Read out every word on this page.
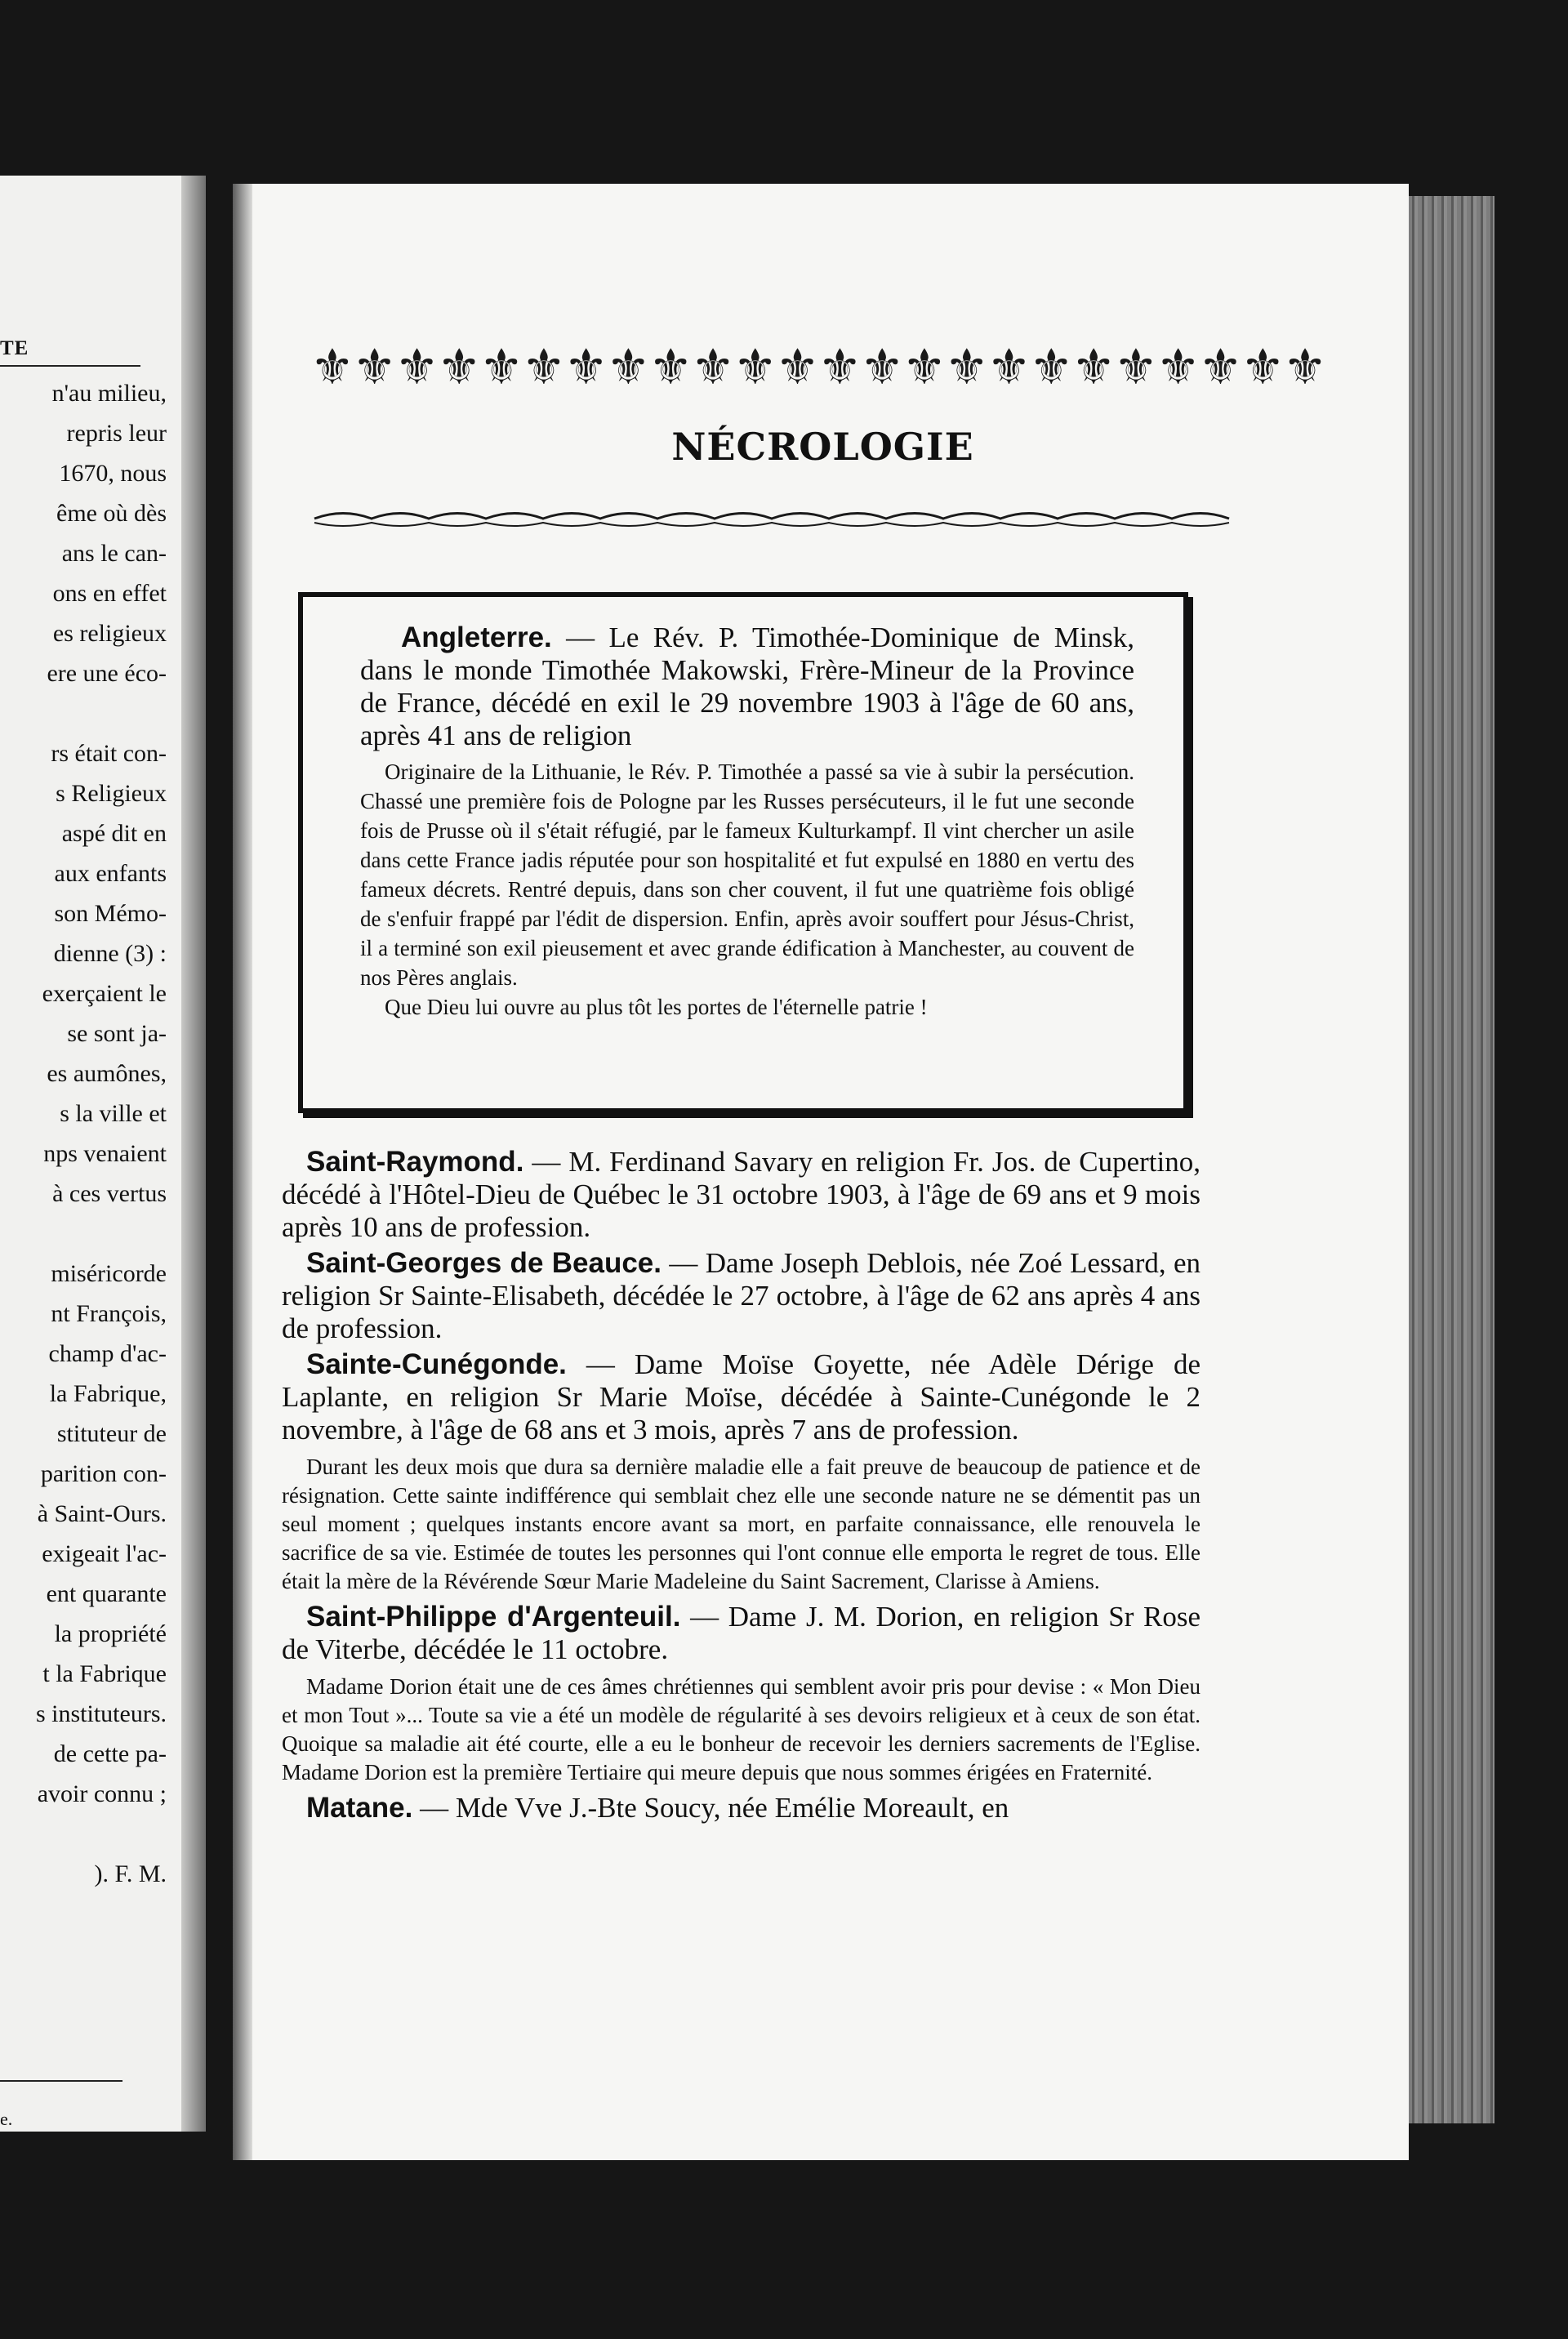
TE
n'au milieu,
repris leur
1670, nous
ême où dès
ans le can-
ons en effet
es religieux
ere une éco-
rs était con-
s Religieux
aspé dit en
aux enfants
son Mémo-
dienne (3) :
exerçaient le
se sont ja-
es aumônes,
s la ville et
nps venaient
à ces vertus
miséricorde
nt François,
champ d'ac-
la Fabrique,
stituteur de
parition con-
à Saint-Ours.
exigeait l'ac-
ent quarante
la propriété
t la Fabrique
s instituteurs.
de cette pa-
avoir connu ;
). F. M.
e.
⚜⚜⚜⚜⚜⚜⚜⚜⚜⚜⚜⚜⚜⚜⚜⚜⚜⚜⚜⚜⚜⚜⚜⚜
NÉCROLOGIE

Angleterre. — Le Rév. P. Timothée-Dominique de Minsk, dans le monde Timothée Makowski, Frère-Mineur de la Province de France, décédé en exil le 29 novembre 1903 à l'âge de 60 ans, après 41 ans de religion

Originaire de la Lithuanie, le Rév. P. Timothée a passé sa vie à subir la persécution. Chassé une première fois de Pologne par les Russes persécuteurs, il le fut une seconde fois de Prusse où il s'était réfugié, par le fameux Kulturkampf. Il vint chercher un asile dans cette France jadis réputée pour son hospitalité et fut expulsé en 1880 en vertu des fameux décrets. Rentré depuis, dans son cher couvent, il fut une quatrième fois obligé de s'enfuir frappé par l'édit de dispersion. Enfin, après avoir souffert pour Jésus-Christ, il a terminé son exil pieusement et avec grande édification à Manchester, au couvent de nos Pères anglais.

Que Dieu lui ouvre au plus tôt les portes de l'éternelle patrie !

Saint-Raymond. — M. Ferdinand Savary en religion Fr. Jos. de Cupertino, décédé à l'Hôtel-Dieu de Québec le 31 octobre 1903, à l'âge de 69 ans et 9 mois après 10 ans de profession.

Saint-Georges de Beauce. — Dame Joseph Deblois, née Zoé Lessard, en religion Sr Sainte-Elisabeth, décédée le 27 octobre, à l'âge de 62 ans après 4 ans de profession.

Sainte-Cunégonde. — Dame Moïse Goyette, née Adèle Dérige de Laplante, en religion Sr Marie Moïse, décédée à Sainte-Cunégonde le 2 novembre, à l'âge de 68 ans et 3 mois, après 7 ans de profession.

Durant les deux mois que dura sa dernière maladie elle a fait preuve de beaucoup de patience et de résignation. Cette sainte indifférence qui semblait chez elle une seconde nature ne se démentit pas un seul moment ; quelques instants encore avant sa mort, en parfaite connaissance, elle renouvela le sacrifice de sa vie. Estimée de toutes les personnes qui l'ont connue elle emporta le regret de tous. Elle était la mère de la Révérende Sœur Marie Madeleine du Saint Sacrement, Clarisse à Amiens.

Saint-Philippe d'Argenteuil. — Dame J. M. Dorion, en religion Sr Rose de Viterbe, décédée le 11 octobre.

Madame Dorion était une de ces âmes chrétiennes qui semblent avoir pris pour devise : « Mon Dieu et mon Tout »... Toute sa vie a été un modèle de régularité à ses devoirs religieux et à ceux de son état. Quoique sa maladie ait été courte, elle a eu le bonheur de recevoir les derniers sacrements de l'Eglise. Madame Dorion est la première Tertiaire qui meure depuis que nous sommes érigées en Fraternité.

Matane. — Mde Vve J.-Bte Soucy, née Emélie Moreault, en
